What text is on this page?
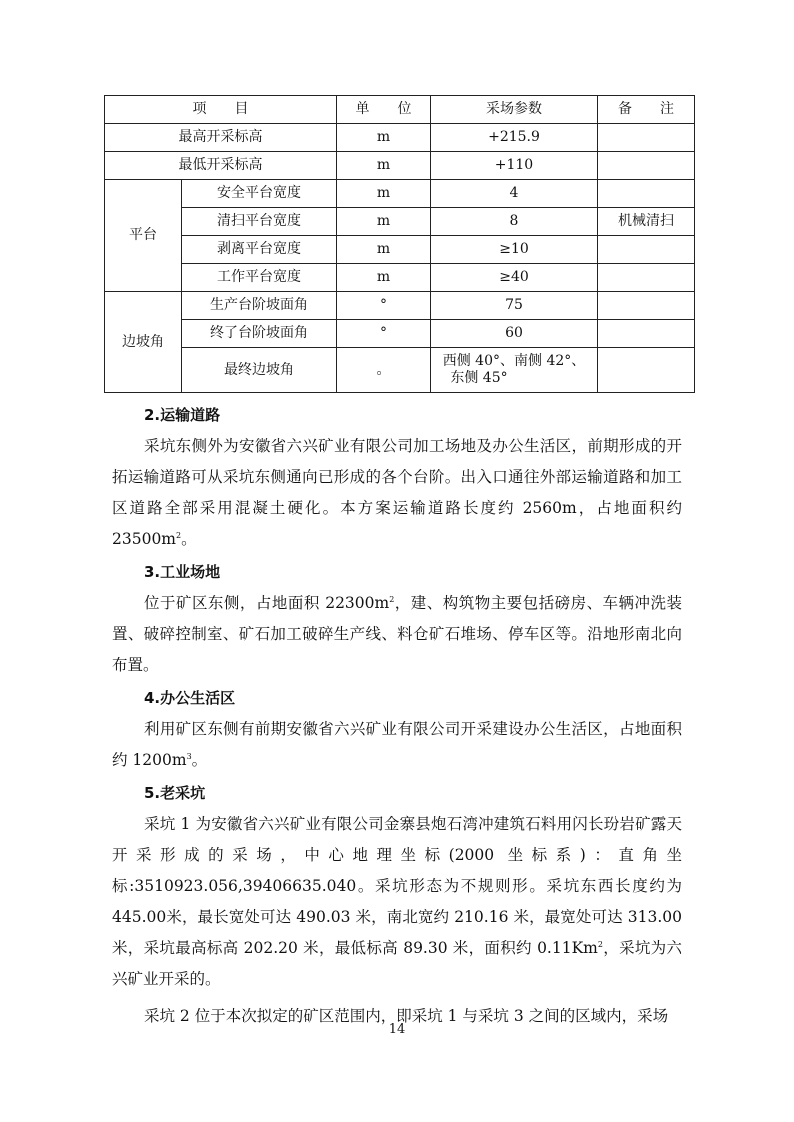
项　　目		单　　位	采场参数	备　　注
最高开采标高		m	+215.9	
最低开采标高		m	+110	
平台	安全平台宽度	m	4	
	清扫平台宽度	m	8	机械清扫
	剥离平台宽度	m	≥10	
	工作平台宽度	m	≥40	
边坡角	生产台阶坡面角	°	75	
	终了台阶坡面角	°	60	
	最终边坡角	。	西侧 40°、南侧 42°、
东侧 45°	
2.运输道路

采坑东侧外为安徽省六兴矿业有限公司加工场地及办公生活区，前期形成的开拓运输道路可从采坑东侧通向已形成的各个台阶。出入口通往外部运输道路和加工区道路全部采用混凝土硬化。本方案运输道路长度约 2560m，占地面积约 $23500m^2$。

3.工业场地

位于矿区东侧，占地面积 $22300m^2$，建、构筑物主要包括磅房、车辆冲洗装置、破碎控制室、矿石加工破碎生产线、料仓矿石堆场、停车区等。沿地形南北向布置。

4.办公生活区

利用矿区东侧有前期安徽省六兴矿业有限公司开采建设办公生活区，占地面积约 $1200m^3$。

5.老采坑

采坑 1 为安徽省六兴矿业有限公司金寨县炮石湾冲建筑石料用闪长玢岩矿露天开采形成的采场，中心地理坐标(2000 坐标系)：直角坐标:3510923.056,39406635.040。采坑形态为不规则形。采坑东西长度约为445.00米，最长宽处可达 490.03 米，南北宽约 210.16 米，最宽处可达 313.00 米，采坑最高标高 202.20 米，最低标高 89.30 米，面积约 0.11Km$^2$，采坑为六兴矿业开采的。

采坑 2 位于本次拟定的矿区范围内，即采坑 1 与采坑 3 之间的区域内，采场

14
